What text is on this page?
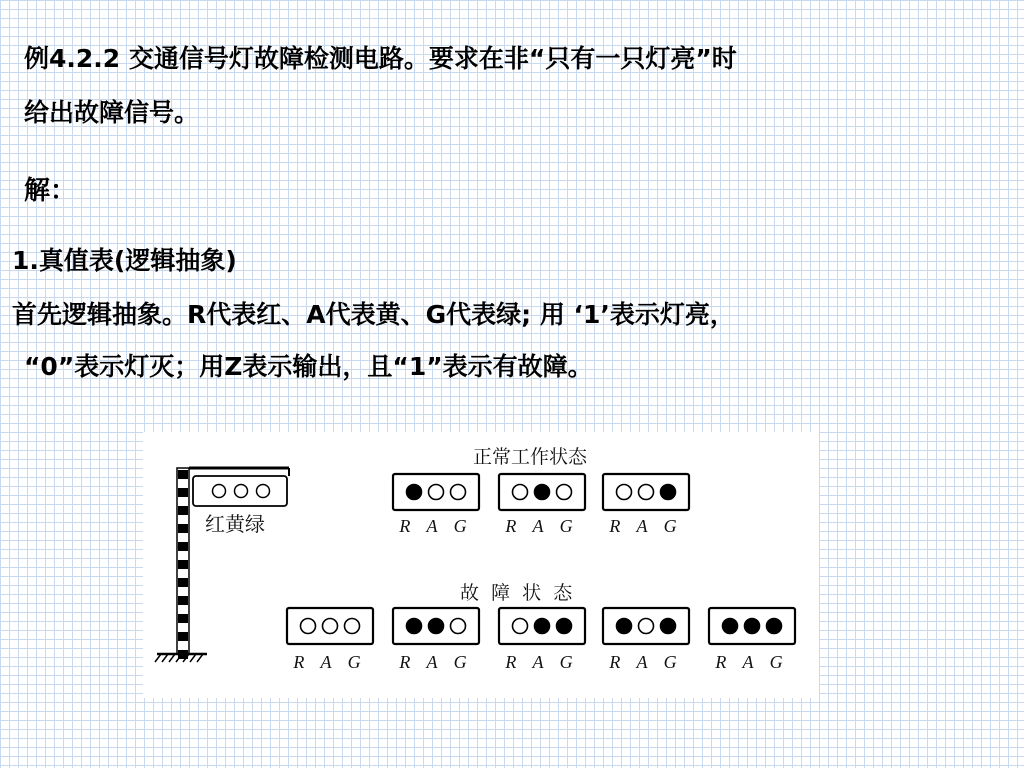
例4.2.2 交通信号灯故障检测电路。要求在非“只有一只灯亮”时
给出故障信号。
解：
1.真值表(逻辑抽象)
首先逻辑抽象。R代表红、A代表黄、G代表绿; 用 ‘1’表示灯亮，
“0”表示灯灭；用Z表示输出，且“1”表示有故障。
红黄绿
正常工作状态
故  障  状  态
R A G R A G R A G
R A G R A G R A G R A G R A G
